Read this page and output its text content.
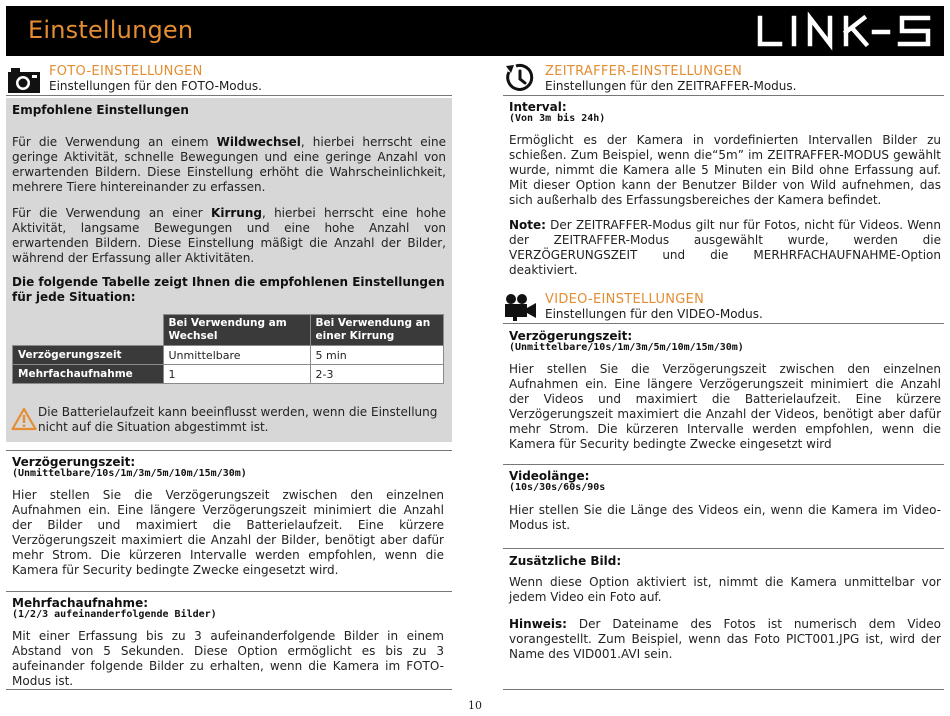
Einstellungen
FOTO-EINSTELLUNGEN
Einstellungen für den FOTO-Modus.
Empfohlene Einstellungen
Für die Verwendung an einem Wildwechsel, hierbei herrscht eine geringe Aktivität, schnelle Bewegungen und eine geringe Anzahl von erwartenden Bildern. Diese Einstellung erhöht die Wahrscheinlichkeit, mehrere Tiere hintereinander zu erfassen.
Für die Verwendung an einer Kirrung, hierbei herrscht eine hohe Aktivität, langsame Bewegungen und eine hohe Anzahl von erwartenden Bildern. Diese Einstellung mäßigt die Anzahl der Bilder, während der Erfassung aller Aktivitäten.
Die folgende Tabelle zeigt Ihnen die empfohlenen Einstellungen für jede Situation:
	Bei Verwendung am Wechsel	Bei Verwendung an einer Kirrung
Verzögerungszeit	Unmittelbare	5 min
Mehrfachaufnahme	1	2-3
Die Batterielaufzeit kann beeinflusst werden, wenn die Einstellung nicht auf die Situation abgestimmt ist.
Verzögerungszeit:
(Unmittelbare/10s/1m/3m/5m/10m/15m/30m)
Hier stellen Sie die Verzögerungszeit zwischen den einzelnen Aufnahmen ein. Eine längere Verzögerungszeit minimiert die Anzahl der Bilder und maximiert die Batterielaufzeit. Eine kürzere Verzögerungszeit maximiert die Anzahl der Bilder, benötigt aber dafür mehr Strom. Die kürzeren Intervalle werden empfohlen, wenn die Kamera für Security bedingte Zwecke eingesetzt wird.
Mehrfachaufnahme:
(1/2/3 aufeinanderfolgende Bilder)
Mit einer Erfassung bis zu 3 aufeinanderfolgende Bilder in einem Abstand von 5 Sekunden. Diese Option ermöglicht es bis zu 3 aufeinander folgende Bilder zu erhalten, wenn die Kamera im FOTO-Modus ist.
ZEITRAFFER-EINSTELLUNGEN
Einstellungen für den ZEITRAFFER-Modus.
Interval:
(Von 3m bis 24h)
Ermöglicht es der Kamera in vordefinierten Intervallen Bilder zu schießen. Zum Beispiel, wenn die“5m” im ZEITRAFFER-MODUS gewählt wurde, nimmt die Kamera alle 5 Minuten ein Bild ohne Erfassung auf. Mit dieser Option kann der Benutzer Bilder von Wild aufnehmen, das sich außerhalb des Erfassungsbereiches der Kamera befindet.
Note: Der ZEITRAFFER-Modus gilt nur für Fotos, nicht für Videos. Wenn der ZEITRAFFER-Modus ausgewählt wurde, werden die VERZÖGERUNGSZEIT und die MERHRFACHAUFNAHME-Option deaktiviert.
VIDEO-EINSTELLUNGEN
Einstellungen für den VIDEO-Modus.
Verzögerungszeit:
(Unmittelbare/10s/1m/3m/5m/10m/15m/30m)
Hier stellen Sie die Verzögerungszeit zwischen den einzelnen Aufnahmen ein. Eine längere Verzögerungszeit minimiert die Anzahl der Videos und maximiert die Batterielaufzeit. Eine kürzere Verzögerungszeit maximiert die Anzahl der Videos, benötigt aber dafür mehr Strom. Die kürzeren Intervalle werden empfohlen, wenn die Kamera für Security bedingte Zwecke eingesetzt wird
Videolänge:
(10s/30s/60s/90s
Hier stellen Sie die Länge des Videos ein, wenn die Kamera im Video-Modus ist.
Zusätzliche Bild:
Wenn diese Option aktiviert ist, nimmt die Kamera unmittelbar vor jedem Video ein Foto auf.
Hinweis: Der Dateiname des Fotos ist numerisch dem Video vorangestellt. Zum Beispiel, wenn das Foto PICT001.JPG ist, wird der Name des VID001.AVI sein.
10
